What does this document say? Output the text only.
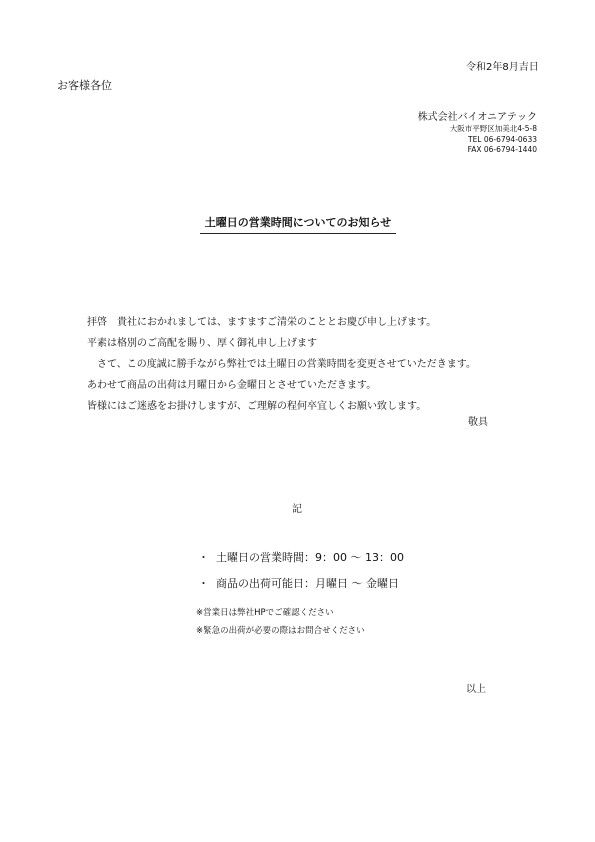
令和2年8月吉日
お客様各位
株式会社バイオニアテック
大阪市平野区加美北4-5-8
TEL 06-6794-0633
FAX 06-6794-1440
土曜日の営業時間についてのお知らせ
拝啓　貴社におかれましては、ますますご清栄のこととお慶び申し上げます。
平素は格別のご高配を賜り、厚く御礼申し上げます
　さて、この度誠に勝手ながら弊社では土曜日の営業時間を変更させていただきます。
あわせて商品の出荷は月曜日から金曜日とさせていただきます。
皆様にはご迷惑をお掛けしますが、ご理解の程何卒宜しくお願い致します。
敬具
記
・ 土曜日の営業時間：9：00 ～ 13：00
・ 商品の出荷可能日：月曜日 ～ 金曜日
※営業日は弊社HPでご確認ください
※緊急の出荷が必要の際はお問合せください
以上
